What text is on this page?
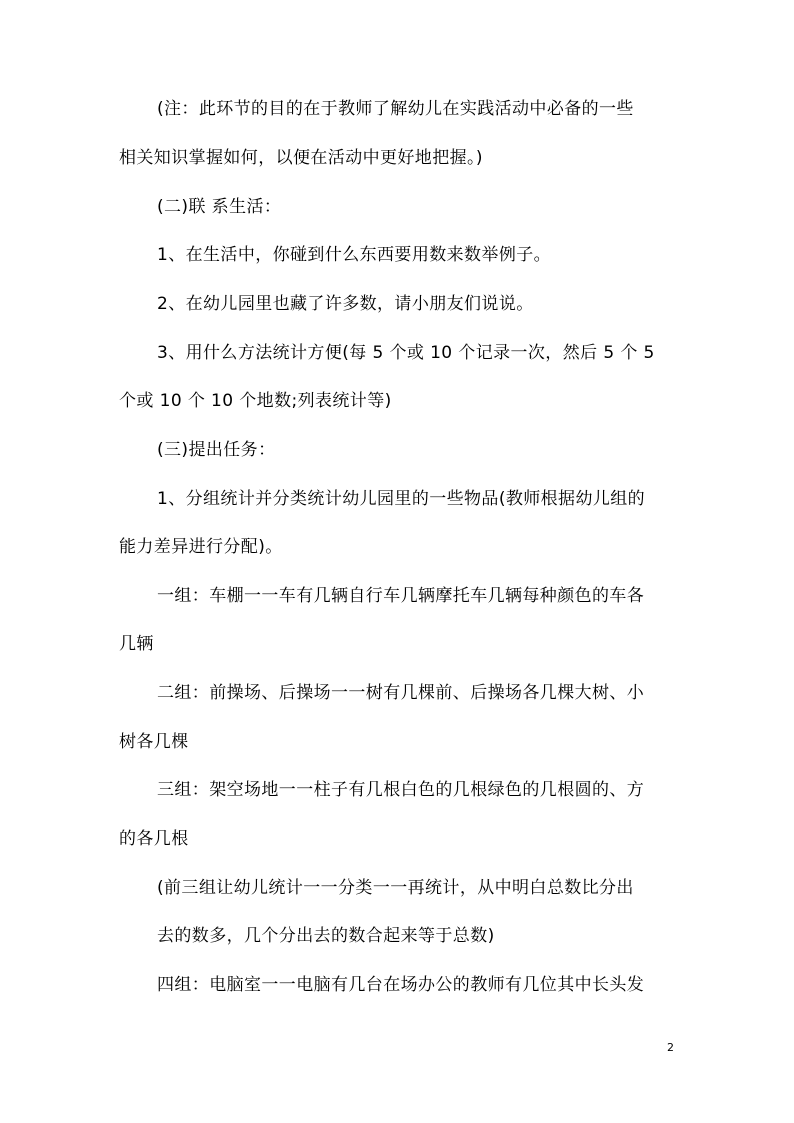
(注：此环节的目的在于教师了解幼儿在实践活动中必备的一些
相关知识掌握如何，以便在活动中更好地把握。)
(二)联 系生活：
1、在生活中，你碰到什么东西要用数来数举例子。
2、在幼儿园里也藏了许多数，请小朋友们说说。
3、用什么方法统计方便(每 5 个或 10 个记录一次，然后 5 个 5
个或 10 个 10 个地数;列表统计等)
(三)提出任务：
1、分组统计并分类统计幼儿园里的一些物品(教师根据幼儿组的
能力差异进行分配)。
一组：车棚一一车有几辆自行车几辆摩托车几辆每种颜色的车各
几辆
二组：前操场、后操场一一树有几棵前、后操场各几棵大树、小
树各几棵
三组：架空场地一一柱子有几根白色的几根绿色的几根圆的、方
的各几根
(前三组让幼儿统计一一分类一一再统计，从中明白总数比分出
去的数多，几个分出去的数合起来等于总数)
四组：电脑室一一电脑有几台在场办公的教师有几位其中长头发
2
